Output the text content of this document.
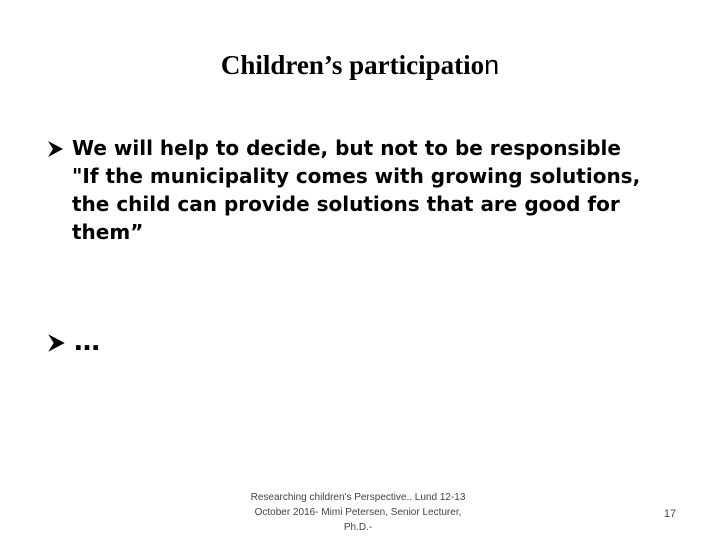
Children’s participation
We will help to decide, but not to be responsible
"If the municipality comes with growing solutions,
the child can provide solutions that are good for
them”
…
Researching children's Perspective.. Lund 12-13
October 2016- Mimi Petersen, Senior Lecturer,
Ph.D.-
17
